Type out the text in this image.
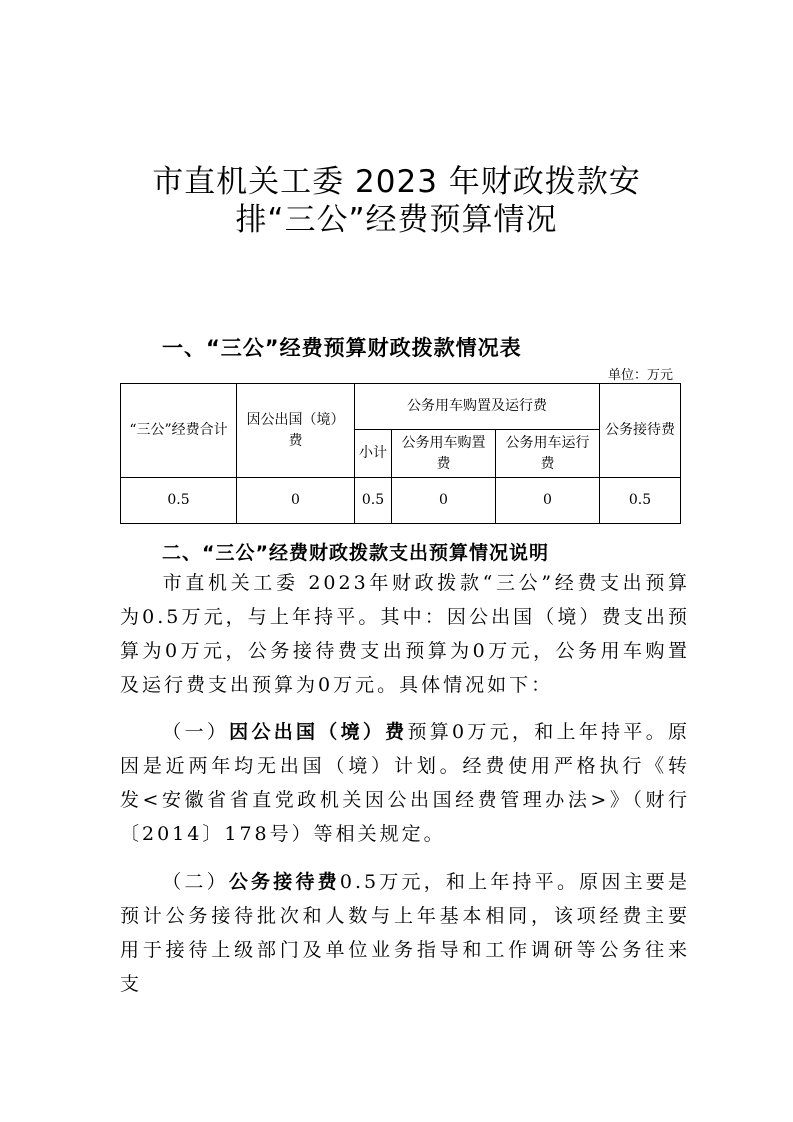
市直机关工委 2023 年财政拨款安
排“三公”经费预算情况
一、“三公”经费预算财政拨款情况表
单位：万元
“三公”经费合计	因公出国（境）费	公务用车购置及运行费			公务接待费
		小计	公务用车购置费	公务用车运行费	
0.5	0	0.5	0	0	0.5
二、“三公”经费财政拨款支出预算情况说明

市直机关工委 2023年财政拨款“三公”经费支出预算为0.5万元，与上年持平。其中：因公出国（境）费支出预算为0万元，公务接待费支出预算为0万元，公务用车购置及运行费支出预算为0万元。具体情况如下：

（一）因公出国（境）费预算0万元，和上年持平。原因是近两年均无出国（境）计划。经费使用严格执行《转发<安徽省省直党政机关因公出国经费管理办法>》（财行〔2014〕178号）等相关规定。

（二）公务接待费0.5万元，和上年持平。原因主要是预计公务接待批次和人数与上年基本相同，该项经费主要用于接待上级部门及单位业务指导和工作调研等公务往来支
